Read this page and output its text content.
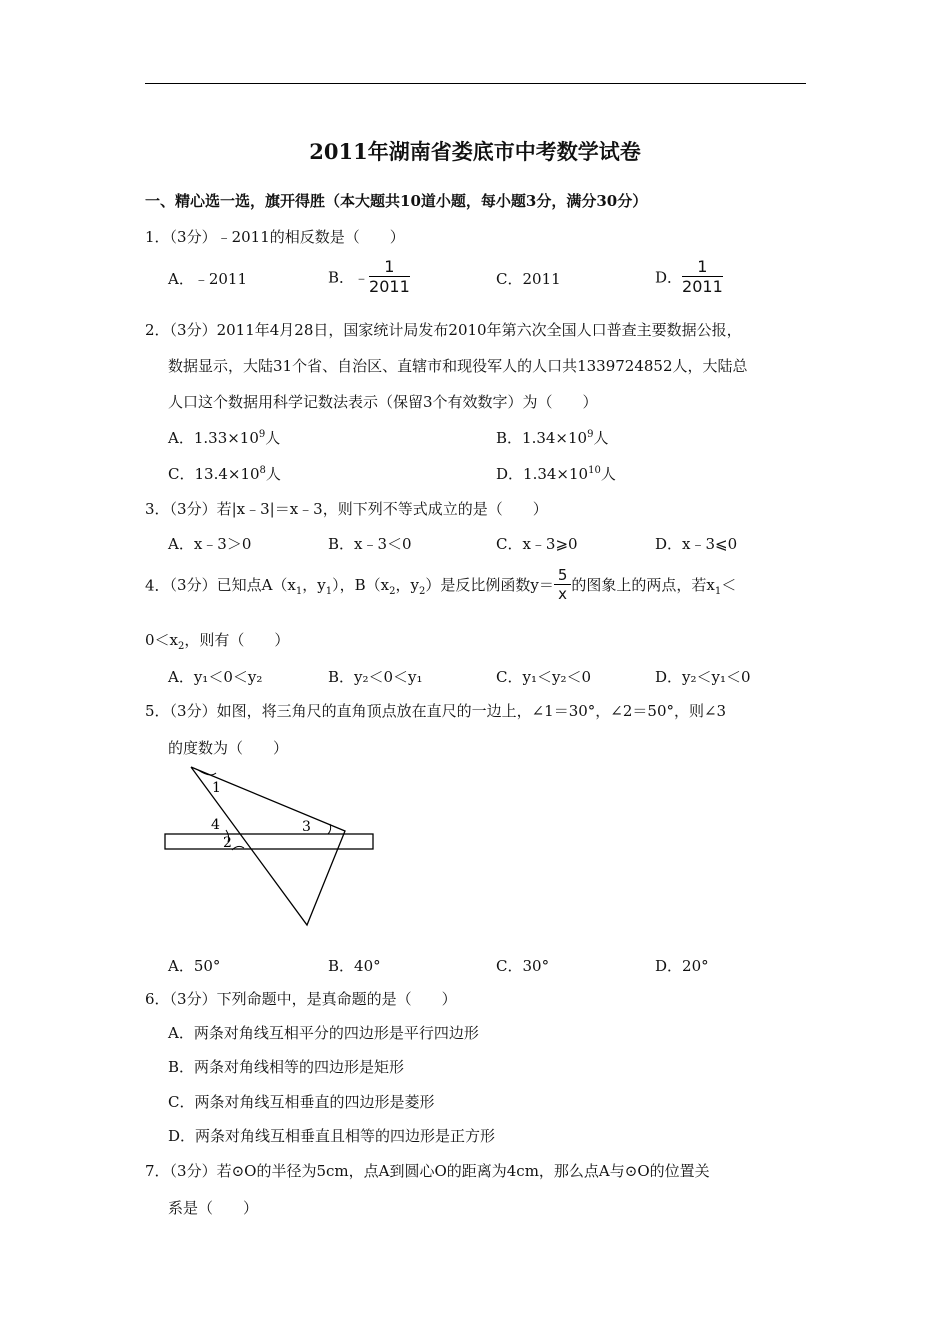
2011年湖南省娄底市中考数学试卷
一、精心选一选，旗开得胜（本大题共10道小题，每小题3分，满分30分）
1．（3分）﹣2011的相反数是（　　）
A．﹣2011	B．﹣ $\frac{1}{2011}$	C．2011	D． $\frac{1}{2011}$
2．（3分）2011年4月28日，国家统计局发布2010年第六次全国人口普查主要数据公报，
数据显示，大陆31个省、自治区、直辖市和现役军人的人口共1339724852人，大陆总
人口这个数据用科学记数法表示（保留3个有效数字）为（　　）
A．$1.33\times 10^9$人	B．$1.34\times 10^9$人
C．$13.4\times 10^8$人	D．$1.34\times 10^{10}$人
3．（3分）若|x﹣3|＝x﹣3，则下列不等式成立的是（　　）
A．x﹣3＞0	B．x﹣3＜0	C．x﹣3⩾0	D．x﹣3⩽0
4．（3分）已知点$A(x_1$，$y_1$），$B(x_2$，$y_2$）是反比例函数$y= \frac{5}{x}$ 的图象上的两点，若$x_1<$
$0<x_2$，则有（　　）
A．y₁＜0＜y₂	B．y₂＜0＜y₁	C．y₁＜y₂＜0	D．y₂＜y₁＜0
5．（3分）如图，将三角尺的直角顶点放在直尺的一边上，∠1＝30°，∠2＝50°，则∠3
的度数为（　　）
1
4
2
3
A．50°	B．40°	C．30°	D．20°
6．（3分）下列命题中，是真命题的是（　　）
A．两条对角线互相平分的四边形是平行四边形
B．两条对角线相等的四边形是矩形
C．两条对角线互相垂直的四边形是菱形
D．两条对角线互相垂直且相等的四边形是正方形
7．（3分）若⊙O的半径为5cm，点A到圆心O的距离为4cm，那么点A与⊙O的位置关
系是（　　）
